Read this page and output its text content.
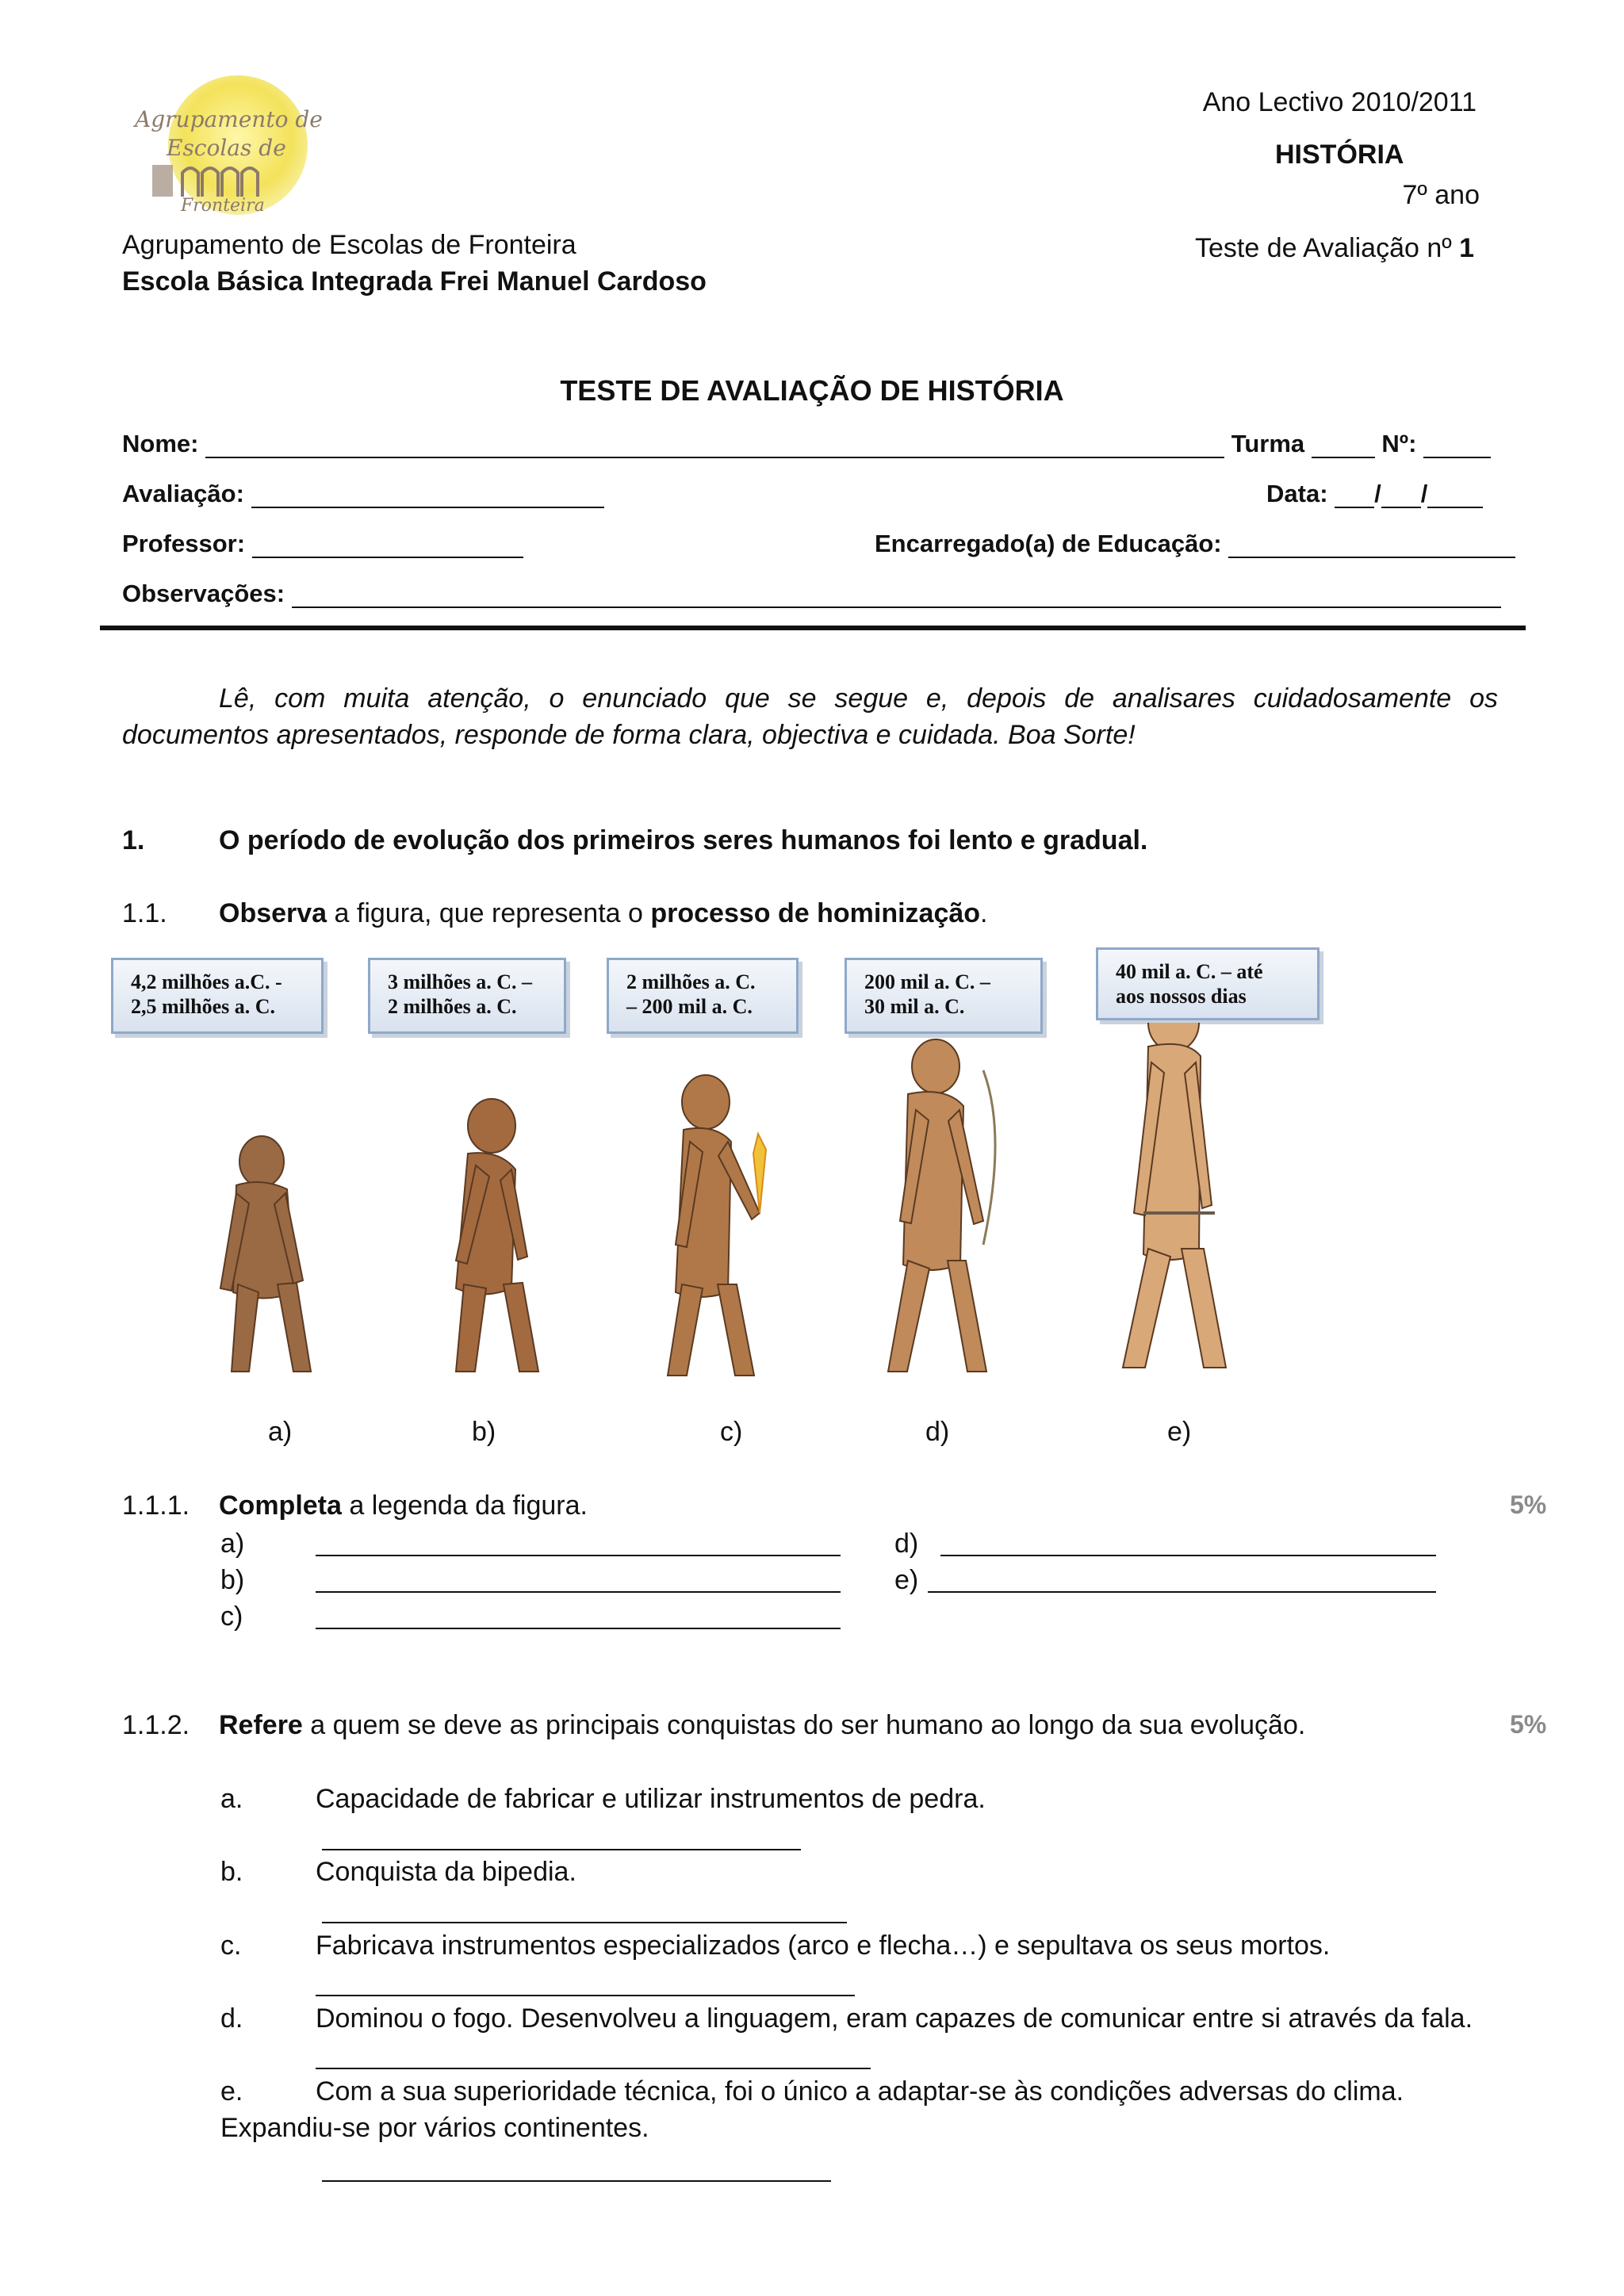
Agrupamento de
Escolas de
Fronteira
Agrupamento de Escolas de Fronteira
Escola Básica Integrada Frei Manuel Cardoso
Ano Lectivo 2010/2011
HISTÓRIA
7º ano
Teste de Avaliação nº 1
TESTE DE AVALIAÇÃO DE HISTÓRIA
Nome:	Turma	Nº:
Avaliação:	Data: / /
Professor:	Encarregado(a) de Educação:
Observações:
Lê, com muita atenção, o enunciado que se segue e, depois de analisares cuidadosamente os documentos apresentados, responde de forma clara, objectiva e cuidada. Boa Sorte!
1.	O período de evolução dos primeiros seres humanos foi lento e gradual.
1.1. Observa a figura, que representa o processo de hominização.
4,2 milhões a.C. -
2,5 milhões a. C.
3 milhões a. C. –
2 milhões a. C.
2 milhões a. C.
– 200 mil a. C.
200 mil a. C. –
30 mil a. C.
40 mil a. C. – até
aos nossos dias
a)	b)	c)	d)	e)
1.1.1. Completa a legenda da figura.	5%
a)
b)
c)
d)
e)
1.1.2. Refere a quem se deve as principais conquistas do ser humano ao longo da sua evolução.	5%
a.	Capacidade de fabricar e utilizar instrumentos de pedra.
b.	Conquista da bipedia.
c.	Fabricava instrumentos especializados (arco e flecha…) e sepultava os seus mortos.
d.	Dominou o fogo. Desenvolveu a linguagem, eram capazes de comunicar entre si através da fala.
e.	Com a sua superioridade técnica, foi o único a adaptar-se às condições adversas do clima.
Expandiu-se por vários continentes.
